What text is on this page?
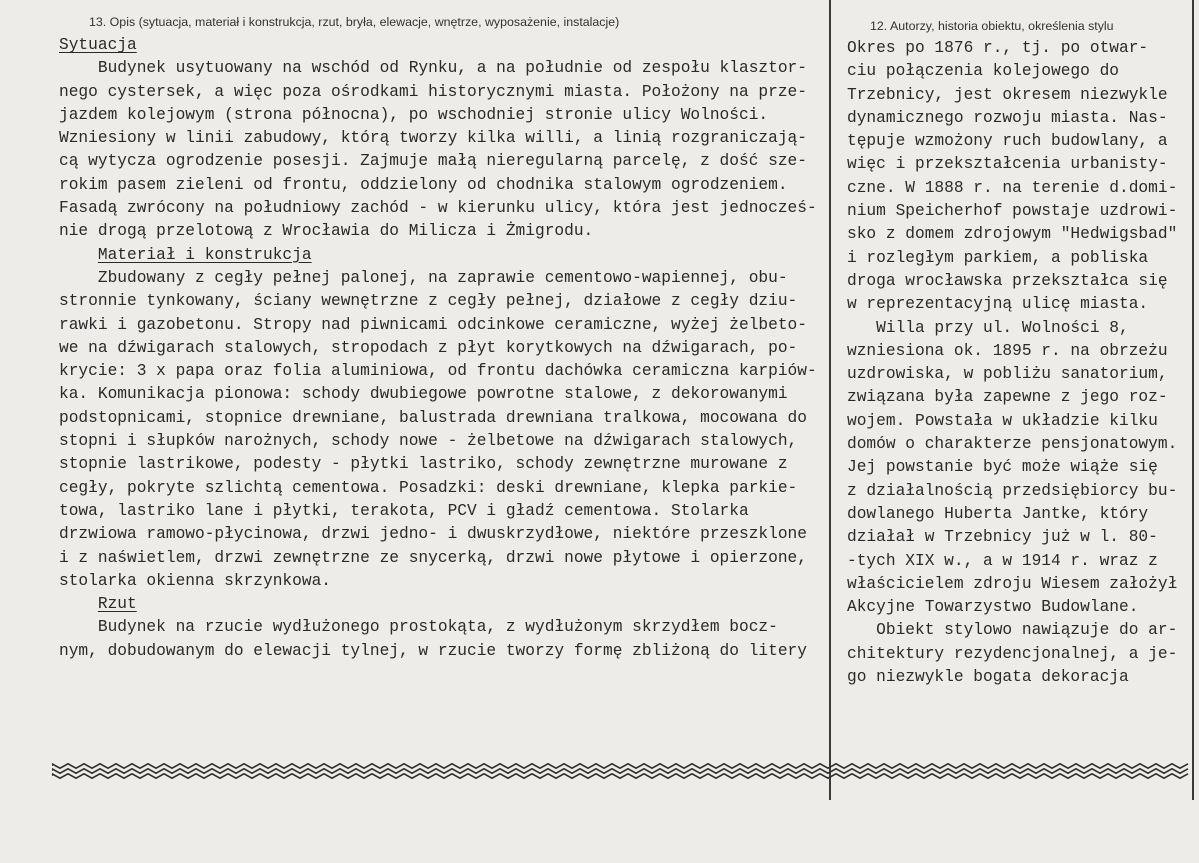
13. Opis (sytuacja, materiał i konstrukcja, rzut, bryła, elewacje, wnętrze, wyposażenie, instalacje)
Sytuacja
Budynek usytuowany na wschód od Rynku, a na południe od zespołu klasztor-
nego cystersek, a więc poza ośrodkami historycznymi miasta. Położony na prze-
jazdem kolejowym (strona północna), po wschodniej stronie ulicy Wolności.
Wzniesiony w linii zabudowy, którą tworzy kilka willi, a linią rozgraniczają-
cą wytycza ogrodzenie posesji. Zajmuje małą nieregularną parcelę, z dość sze-
rokim pasem zieleni od frontu, oddzielony od chodnika stalowym ogrodzeniem.
Fasadą zwrócony na południowy zachód - w kierunku ulicy, która jest jednocześ-
nie drogą przelotową z Wrocławia do Milicza i Żmigrodu.
Materiał i konstrukcja
Zbudowany z cegły pełnej palonej, na zaprawie cementowo-wapiennej, obu-
stronnie tynkowany, ściany wewnętrzne z cegły pełnej, działowe z cegły dziu-
rawki i gazobetonu. Stropy nad piwnicami odcinkowe ceramiczne, wyżej żelbeto-
we na dźwigarach stalowych, stropodach z płyt korytkowych na dźwigarach, po-
krycie: 3 x papa oraz folia aluminiowa, od frontu dachówka ceramiczna karpiów-
ka. Komunikacja pionowa: schody dwubiegowe powrotne stalowe, z dekorowanymi
podstopnicami, stopnice drewniane, balustrada drewniana tralkowa, mocowana do
stopni i słupków narożnych, schody nowe - żelbetowe na dźwigarach stalowych,
stopnie lastrikowe, podesty - płytki lastriko, schody zewnętrzne murowane z
cegły, pokryte szlichtą cementowa. Posadzki: deski drewniane, klepka parkie-
towa, lastriko lane i płytki, terakota, PCV i gładź cementowa. Stolarka
drzwiowa ramowo-płycinowa, drzwi jedno- i dwuskrzydłowe, niektóre przeszklone
i z naświetlem, drzwi zewnętrzne ze snycerką, drzwi nowe płytowe i opierzone,
stolarka okienna skrzynkowa.
Rzut
Budynek na rzucie wydłużonego prostokąta, z wydłużonym skrzydłem bocz-
nym, dobudowanym do elewacji tylnej, w rzucie tworzy formę zbliżoną do litery
12. Autorzy, historia obiektu, określenia stylu
Okres po 1876 r., tj. po otwar-
ciu połączenia kolejowego do
Trzebnicy, jest okresem niezwykle
dynamicznego rozwoju miasta. Nas-
tępuje wzmożony ruch budowlany, a
więc i przekształcenia urbanisty-
czne. W 1888 r. na terenie d.domi-
nium Speicherhof powstaje uzdrowi-
sko z domem zdrojowym "Hedwigsbad"
i rozległym parkiem, a pobliska
droga wrocławska przekształca się
w reprezentacyjną ulicę miasta.
Willa przy ul. Wolności 8,
wzniesiona ok. 1895 r. na obrzeżu
uzdrowiska, w pobliżu sanatorium,
związana była zapewne z jego roz-
wojem. Powstała w układzie kilku
domów o charakterze pensjonatowym.
Jej powstanie być może wiąże się
z działalnością przedsiębiorcy bu-
dowlanego Huberta Jantke, który
działał w Trzebnicy już w l. 80-
-tych XIX w., a w 1914 r. wraz z
właścicielem zdroju Wiesem założył
Akcyjne Towarzystwo Budowlane.
Obiekt stylowo nawiązuje do ar-
chitektury rezydencjonalnej, a je-
go niezwykle bogata dekoracja
